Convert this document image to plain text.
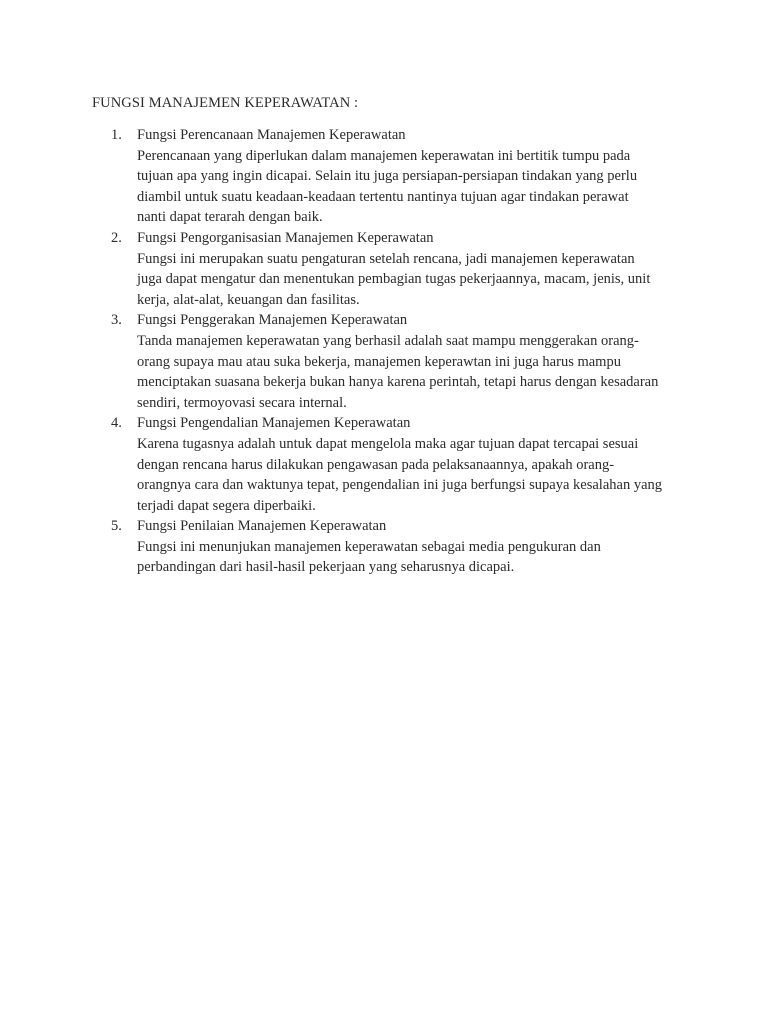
FUNGSI MANAJEMEN KEPERAWATAN :
1. Fungsi Perencanaan Manajemen Keperawatan
Perencanaan yang diperlukan dalam manajemen keperawatan ini bertitik tumpu pada
tujuan apa yang ingin dicapai. Selain itu juga persiapan-persiapan tindakan yang perlu
diambil untuk suatu keadaan-keadaan tertentu nantinya tujuan agar tindakan perawat
nanti dapat terarah dengan baik.
2. Fungsi Pengorganisasian Manajemen Keperawatan
Fungsi ini merupakan suatu pengaturan setelah rencana, jadi manajemen keperawatan
juga dapat mengatur dan menentukan pembagian tugas pekerjaannya, macam, jenis, unit
kerja, alat-alat, keuangan dan fasilitas.
3. Fungsi Penggerakan Manajemen Keperawatan
Tanda manajemen keperawatan yang berhasil adalah saat mampu menggerakan orang-
orang supaya mau atau suka bekerja, manajemen keperawtan ini juga harus mampu
menciptakan suasana bekerja bukan hanya karena perintah, tetapi harus dengan kesadaran
sendiri, termoyovasi secara internal.
4. Fungsi Pengendalian Manajemen Keperawatan
Karena tugasnya adalah untuk dapat mengelola maka agar tujuan dapat tercapai sesuai
dengan rencana harus dilakukan pengawasan pada pelaksanaannya, apakah orang-
orangnya cara dan waktunya tepat, pengendalian ini juga berfungsi supaya kesalahan yang
terjadi dapat segera diperbaiki.
5. Fungsi Penilaian Manajemen Keperawatan
Fungsi ini menunjukan manajemen keperawatan sebagai media pengukuran dan
perbandingan dari hasil-hasil pekerjaan yang seharusnya dicapai.
